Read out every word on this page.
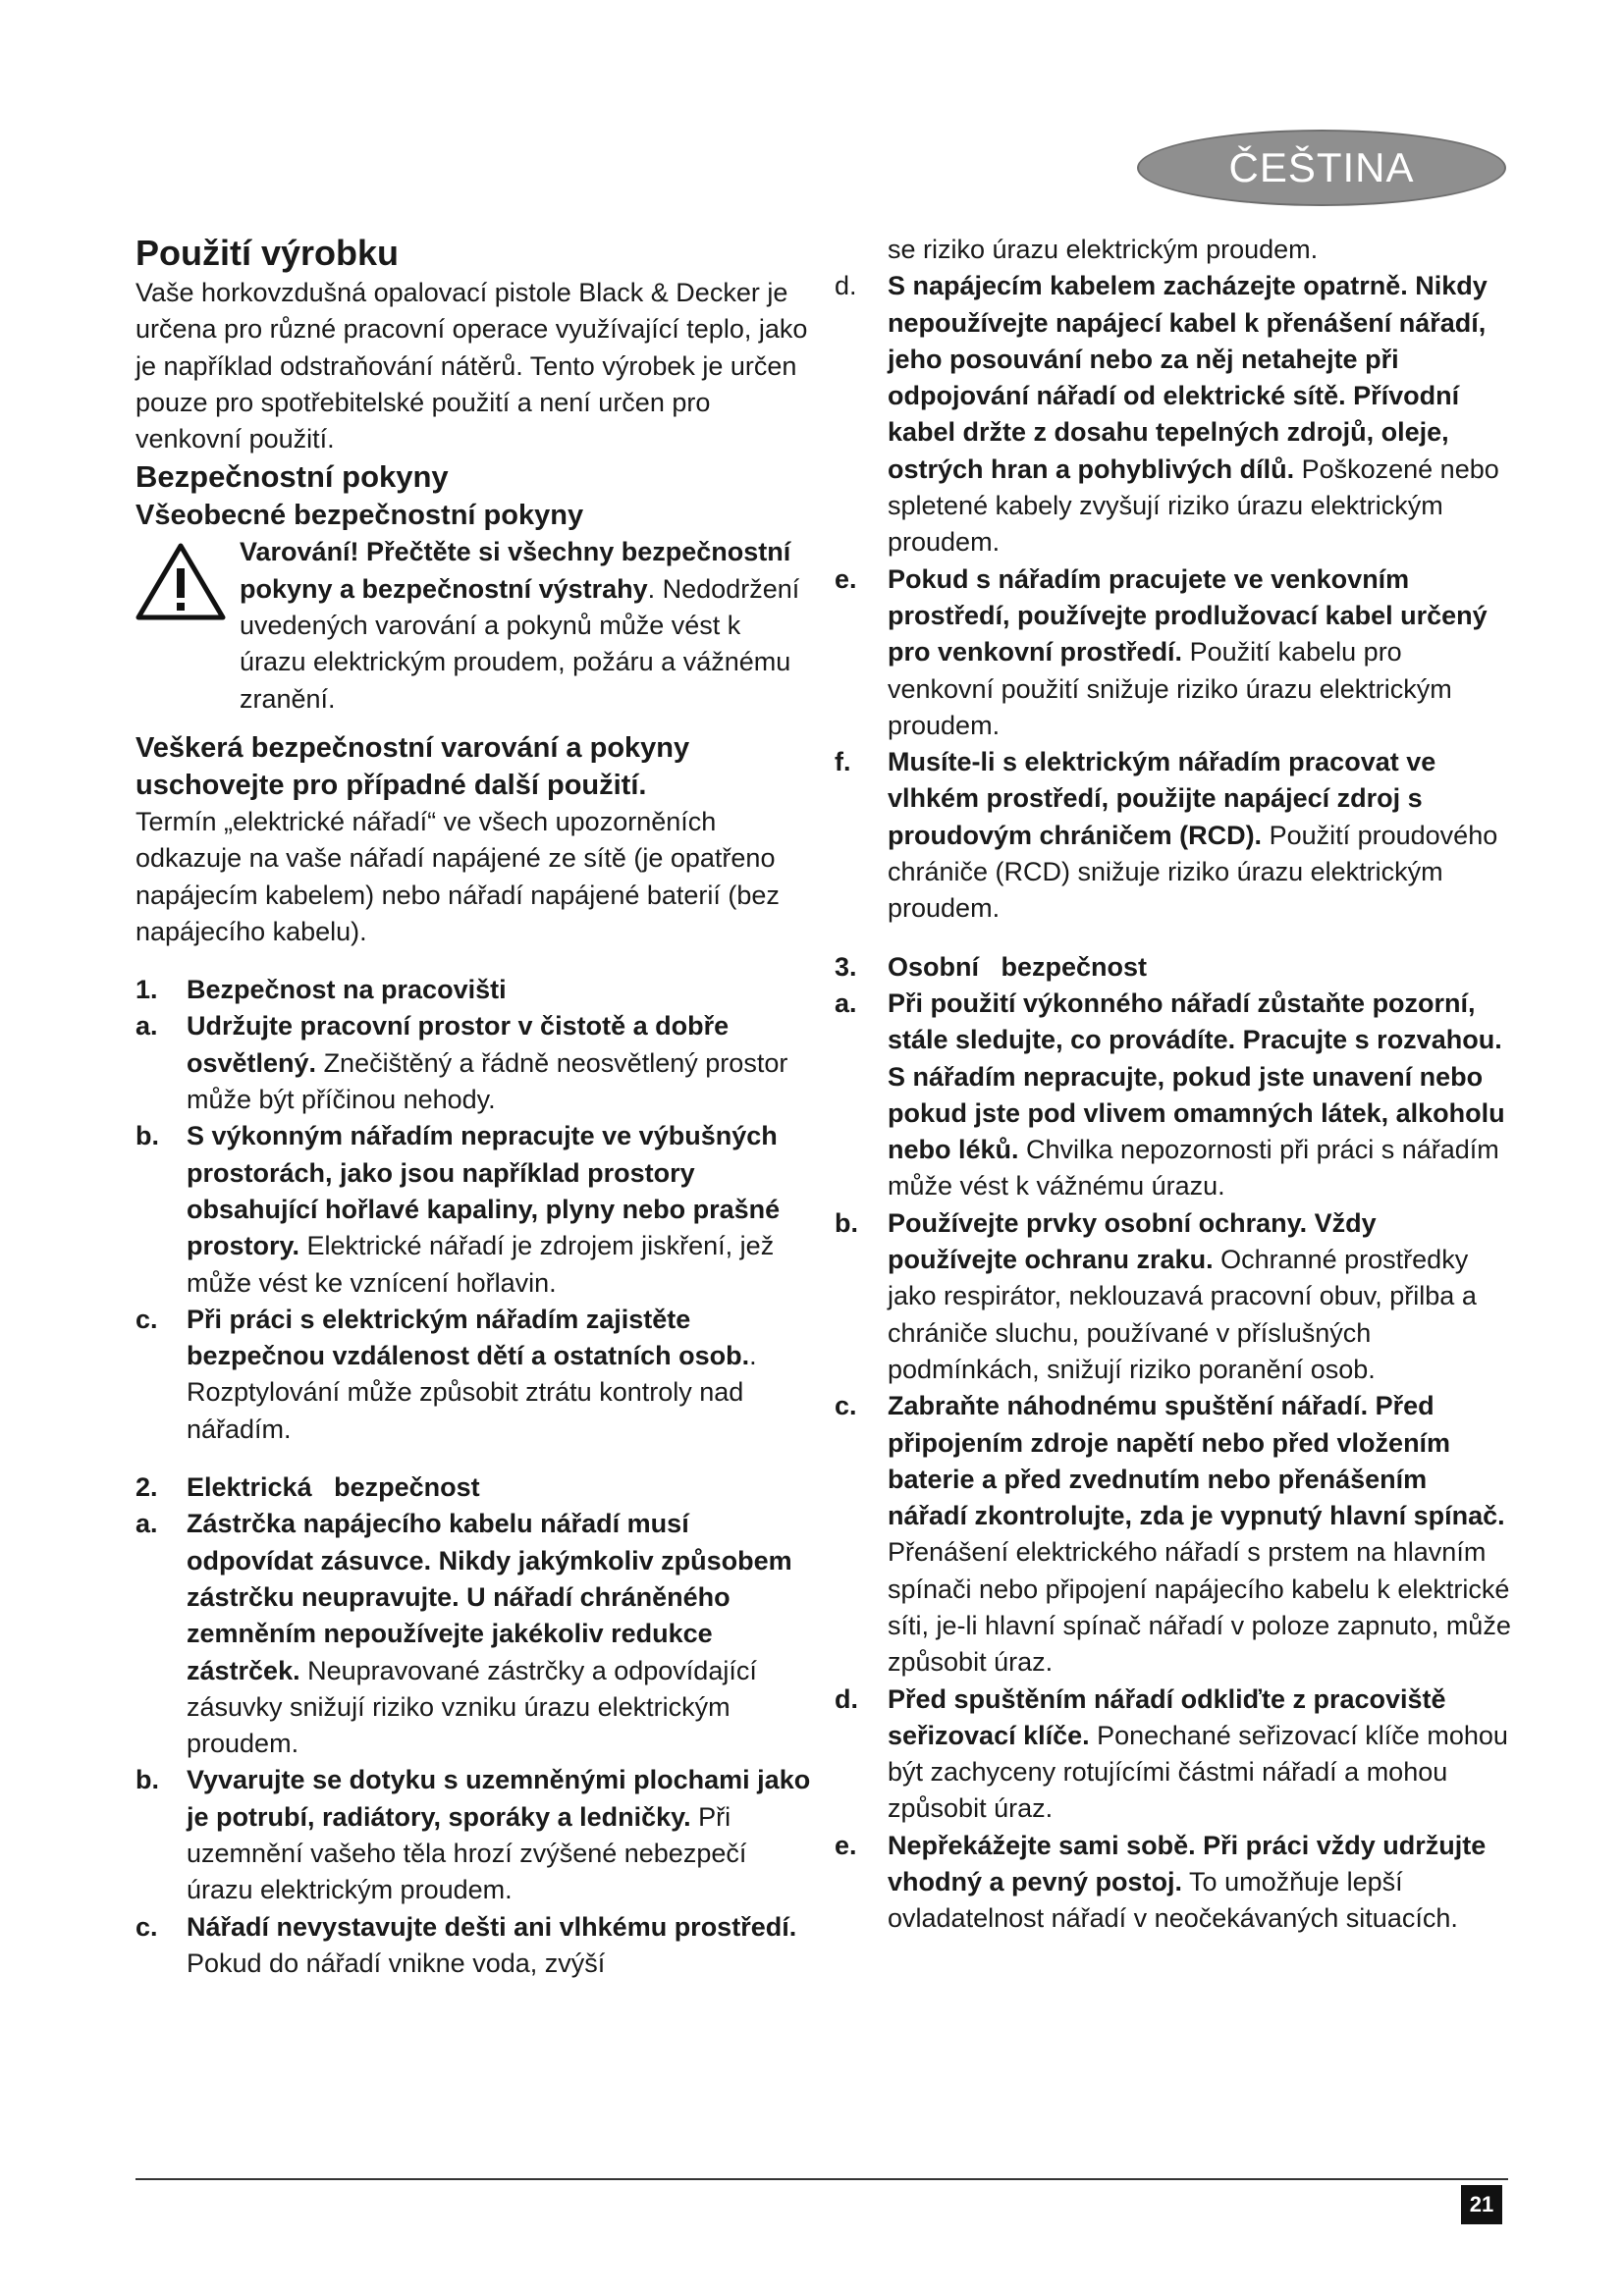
ČEŠTINA
Použití výrobku

Vaše horkovzdušná opalovací pistole Black & Decker je určena pro různé pracovní operace využívající teplo, jako je například odstraňování nátěrů. Tento výrobek je určen pouze pro spotřebitelské použití a není určen pro venkovní použití.

Bezpečnostní pokyny
Všeobecné bezpečnostní pokyny
Varování! Přečtěte si všechny bezpečnostní pokyny a bezpečnostní výstrahy. Nedodržení uvedených varování a pokynů může vést k úrazu elektrickým proudem, požáru a vážnému zranění.
Veškerá bezpečnostní varování a pokyny uschovejte pro případné další použití.

Termín „elektrické nářadí“ ve všech upozorněních odkazuje na vaše nářadí napájené ze sítě (je opatřeno napájecím kabelem) nebo nářadí napájené baterií (bez napájecího kabelu).

1.	Bezpečnost na pracovišti
a.	Udržujte pracovní prostor v čistotě a dobře osvětlený. Znečištěný a řádně neosvětlený prostor může být příčinou nehody.
b.	S výkonným nářadím nepracujte ve výbušných prostorách, jako jsou například prostory obsahující hořlavé kapaliny, plyny nebo prašné prostory. Elektrické nářadí je zdrojem jiskření, jež může vést ke vznícení hořlavin.
c.	Při práci s elektrickým nářadím zajistěte bezpečnou vzdálenost dětí a ostatních osob.. Rozptylování může způsobit ztrátu kontroly nad nářadím.
2.	Elektrická   bezpečnost
a.	Zástrčka napájecího kabelu nářadí musí odpovídat zásuvce. Nikdy jakýmkoliv způsobem zástrčku neupravujte. U nářadí chráněného zemněním nepoužívejte jakékoliv redukce zástrček. Neupravované zástrčky a odpovídající zásuvky snižují riziko vzniku úrazu elektrickým proudem.
b.	Vyvarujte se dotyku s uzemněnými plochami jako je potrubí, radiátory, sporáky a ledničky. Při uzemnění vašeho těla hrozí zvýšené nebezpečí úrazu elektrickým proudem.
c.	Nářadí nevystavujte dešti ani vlhkému prostředí. Pokud do nářadí vnikne voda, zvýší
se riziko úrazu elektrickým proudem.
d.	S napájecím kabelem zacházejte opatrně. Nikdy nepoužívejte napájecí kabel k přenášení nářadí, jeho posouvání nebo za něj netahejte při odpojování nářadí od elektrické sítě. Přívodní kabel držte z dosahu tepelných zdrojů, oleje, ostrých hran a pohyblivých dílů. Poškozené nebo spletené kabely zvyšují riziko úrazu elektrickým proudem.
e.	Pokud s nářadím pracujete ve venkovním prostředí, používejte prodlužovací kabel určený pro venkovní prostředí. Použití kabelu pro venkovní použití snižuje riziko úrazu elektrickým proudem.
f.	Musíte-li s elektrickým nářadím pracovat ve vlhkém prostředí, použijte napájecí zdroj s proudovým chráničem (RCD). Použití proudového chrániče (RCD) snižuje riziko úrazu elektrickým proudem.
3.	Osobní   bezpečnost
a.	Při použití výkonného nářadí zůstaňte pozorní, stále sledujte, co provádíte. Pracujte s rozvahou. S nářadím nepracujte, pokud jste unavení nebo pokud jste pod vlivem omamných látek, alkoholu nebo léků. Chvilka nepozornosti při práci s nářadím může vést k vážnému úrazu.
b.	Používejte prvky osobní ochrany. Vždy používejte ochranu zraku. Ochranné prostředky jako respirátor, neklouzavá pracovní obuv, přilba a chrániče sluchu, používané v příslušných podmínkách, snižují riziko poranění osob.
c.	Zabraňte náhodnému spuštění nářadí. Před připojením zdroje napětí nebo před vložením baterie a před zvednutím nebo přenášením nářadí zkontrolujte, zda je vypnutý hlavní spínač. Přenášení elektrického nářadí s prstem na hlavním spínači nebo připojení napájecího kabelu k elektrické síti, je-li hlavní spínač nářadí v poloze zapnuto, může způsobit úraz.
d.	Před spuštěním nářadí odkliďte z pracoviště seřizovací klíče. Ponechané seřizovací klíče mohou být zachyceny rotujícími částmi nářadí a mohou způsobit úraz.
e.	Nepřekážejte sami sobě. Při práci vždy udržujte vhodný a pevný postoj. To umožňuje lepší ovladatelnost nářadí v neočekávaných situacích.
21
